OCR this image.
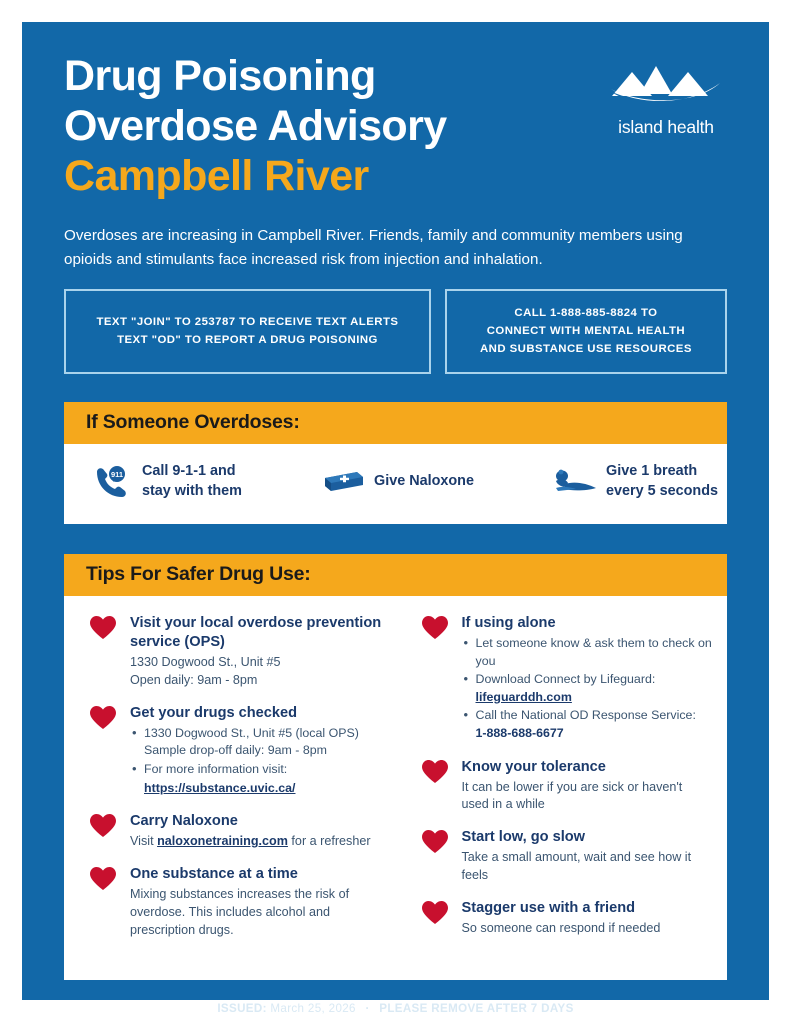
Drug Poisoning
Overdose Advisory
Campbell River
island health
Overdoses are increasing in Campbell River. Friends, family and community members using opioids and stimulants face increased risk from injection and inhalation.
TEXT "JOIN" TO 253787 TO RECEIVE TEXT ALERTS
TEXT "OD" TO REPORT A DRUG POISONING
CALL 1-888-885-8824 TO
CONNECT WITH MENTAL HEALTH
AND SUBSTANCE USE RESOURCES
If Someone Overdoses:
911 Call 9-1-1 and
stay with them
Give Naloxone
Give 1 breath
every 5 seconds
Tips For Safer Drug Use:
Visit your local overdose prevention service (OPS)
1330 Dogwood St., Unit #5
Open daily: 9am - 8pm
Get your drugs checked
• 1330 Dogwood St., Unit #5 (local OPS) Sample drop-off daily: 9am - 8pm
• For more information visit:
https://substance.uvic.ca/
Carry Naloxone
Visit naloxonetraining.com for a refresher
One substance at a time
Mixing substances increases the risk of overdose. This includes alcohol and prescription drugs.
If using alone
• Let someone know & ask them to check on you
• Download Connect by Lifeguard: lifeguarddh.com
• Call the National OD Response Service:
1-888-688-6677
Know your tolerance
It can be lower if you are sick or haven't used in a while
Start low, go slow
Take a small amount, wait and see how it feels
Stagger use with a friend
So someone can respond if needed
ISSUED: March 25, 2026 · PLEASE REMOVE AFTER 7 DAYS
